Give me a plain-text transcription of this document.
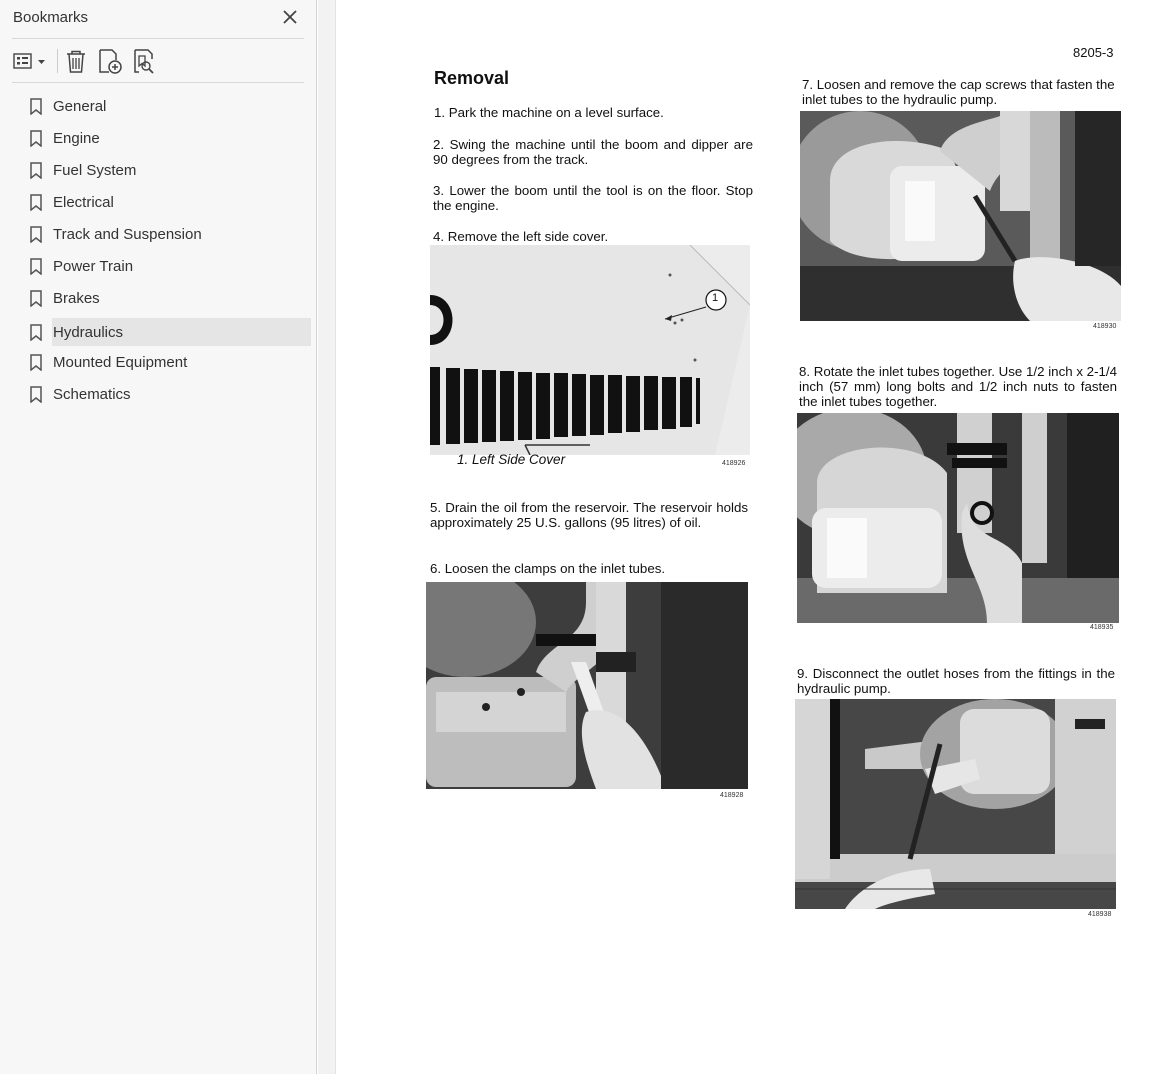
Bookmarks
General
Engine
Fuel System
Electrical
Track and Suspension
Power Train
Brakes
Hydraulics
Mounted Equipment
Schematics
8205-3
Removal
1. Park the machine on a level surface.
2. Swing the machine until the boom and dipper are 90 degrees from the track.
3. Lower the boom until the tool is on the floor. Stop the engine.
4. Remove the left side cover.
1
1. Left Side Cover	418926
5. Drain the oil from the reservoir. The reservoir holds approximately 25 U.S. gallons (95 litres) of oil.
6. Loosen the clamps on the inlet tubes.
418928
7. Loosen and remove the cap screws that fasten the inlet tubes to the hydraulic pump.
418930
8. Rotate the inlet tubes together. Use 1/2 inch x 2-1/4 inch (57 mm) long bolts and 1/2 inch nuts to fasten the inlet tubes together.
418935
9. Disconnect the outlet hoses from the fittings in the hydraulic pump.
418938
